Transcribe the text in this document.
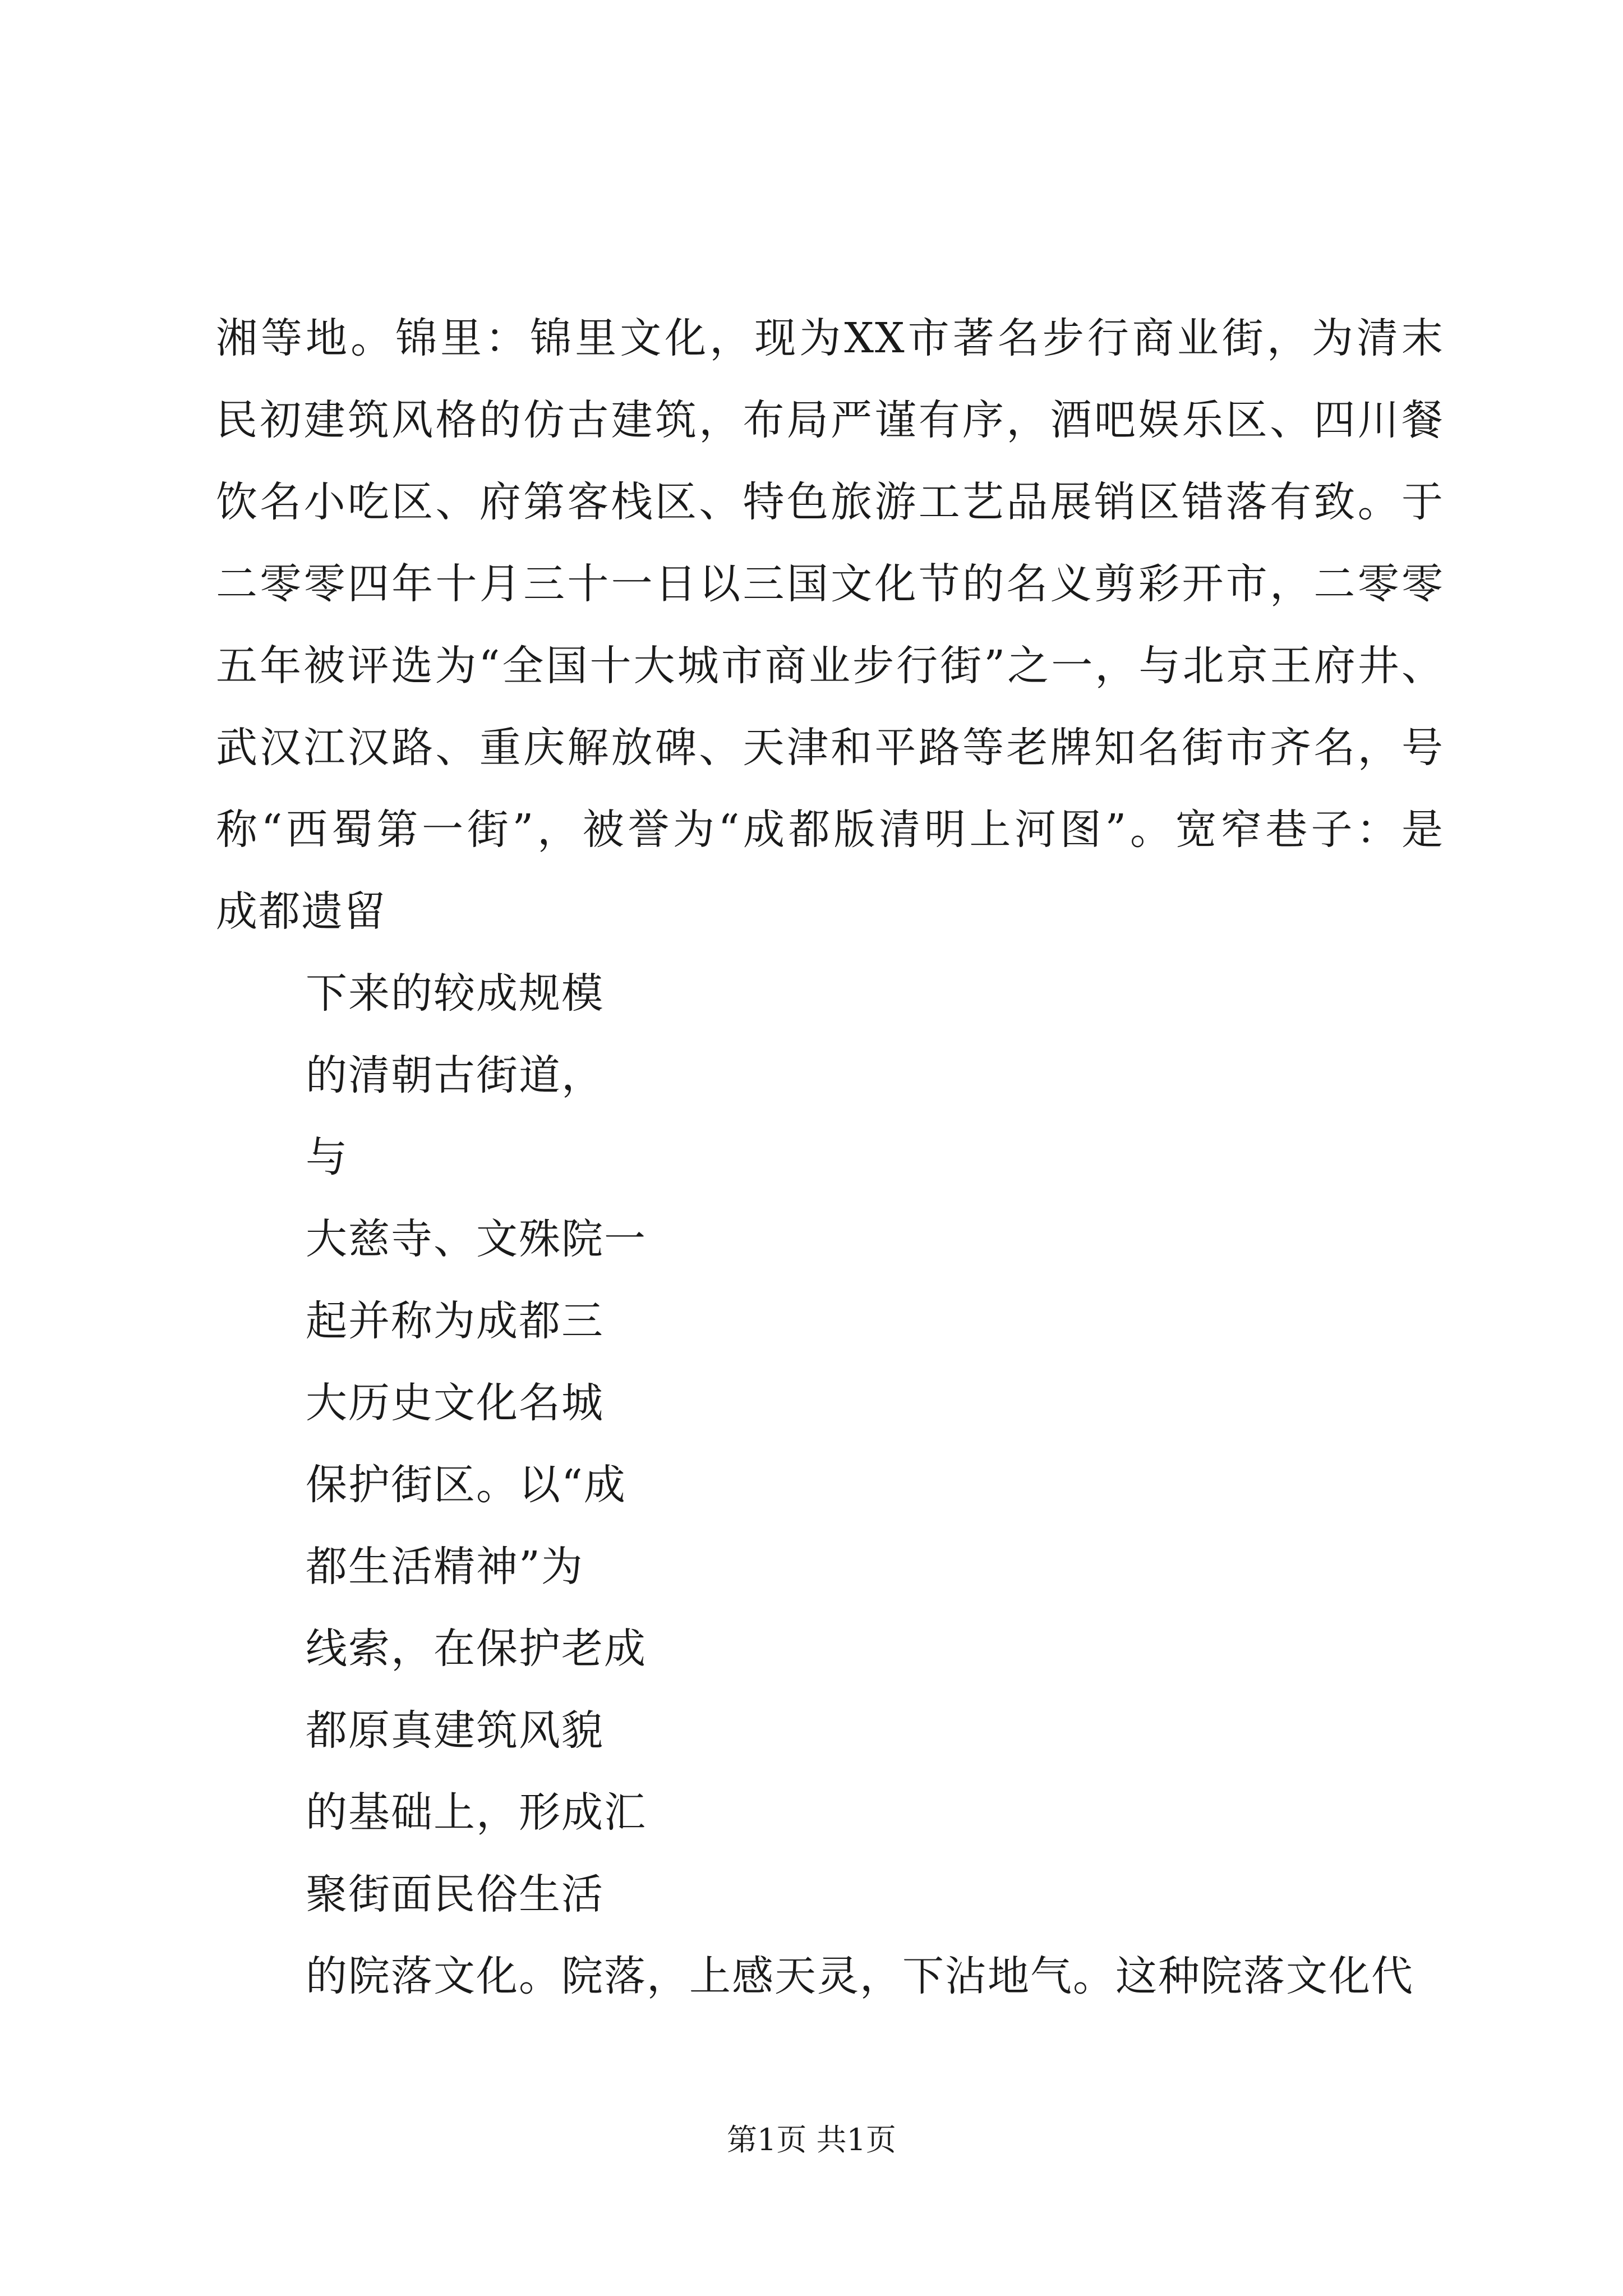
湘等地。锦里：锦里文化，现为XX市著名步行商业街，为清末
民初建筑风格的仿古建筑，布局严谨有序，酒吧娱乐区、四川餐
饮名小吃区、府第客栈区、特色旅游工艺品展销区错落有致。于
二零零四年十月三十一日以三国文化节的名义剪彩开市，二零零
五年被评选为“全国十大城市商业步行街”之一，与北京王府井、
武汉江汉路、重庆解放碑、天津和平路等老牌知名街市齐名，号
称“西蜀第一街”，被誉为“成都版清明上河图”。宽窄巷子：是
成都遗留
下来的较成规模
的清朝古街道，
与
大慈寺、文殊院一
起并称为成都三
大历史文化名城
保护街区。以“成
都生活精神”为
线索，在保护老成
都原真建筑风貌
的基础上，形成汇
聚街面民俗生活
的院落文化。院落，上感天灵，下沾地气。这种院落文化代
第1页 共1页
